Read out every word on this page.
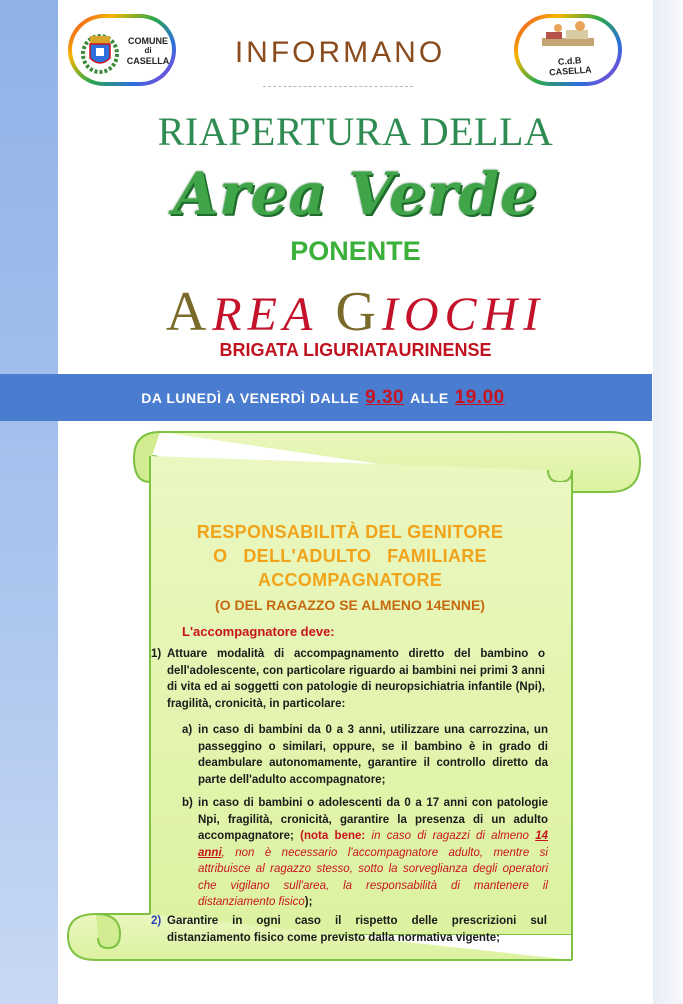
COMUNE
di
CASELLA	INFORMANO	C.d.B
CASELLA
RIAPERTURA DELLA
Area Verde
PONENTE
AREA GIOCHI
BRIGATA LIGURIATAURINENSE
DA LUNEDÌ A VENERDÌ DALLE 9.30 ALLE 19.00
RESPONSABILITÀ DEL GENITORE
O   DELL'ADULTO   FAMILIARE
ACCOMPAGNATORE
(O DEL RAGAZZO SE ALMENO 14ENNE)
L'accompagnatore deve:
1) Attuare modalità di accompagnamento diretto del bambino o dell'adolescente, con particolare riguardo ai bambini nei primi 3 anni di vita ed ai soggetti con patologie di neuropsichiatria infantile (Npi), fragilità, cronicità, in particolare:
a) in caso di bambini da 0 a 3 anni, utilizzare una carrozzina, un passeggino o similari, oppure, se il bambino è in grado di deambulare autonomamente, garantire il controllo diretto da parte dell'adulto accompagnatore;
b) in caso di bambini o adolescenti da 0 a 17 anni con patologie Npi, fragilità, cronicità, garantire la presenza di un adulto accompagnatore; (nota bene: in caso di ragazzi di almeno 14 anni, non è necessario l'accompagnatore adulto, mentre si attribuisce al ragazzo stesso, sotto la sorveglianza degli operatori che vigilano sull'area, la responsabilità di mantenere il distanziamento fisico);
2) Garantire in ogni caso il rispetto delle prescrizioni sul distanziamento fisico come previsto dalla normativa vigente;
